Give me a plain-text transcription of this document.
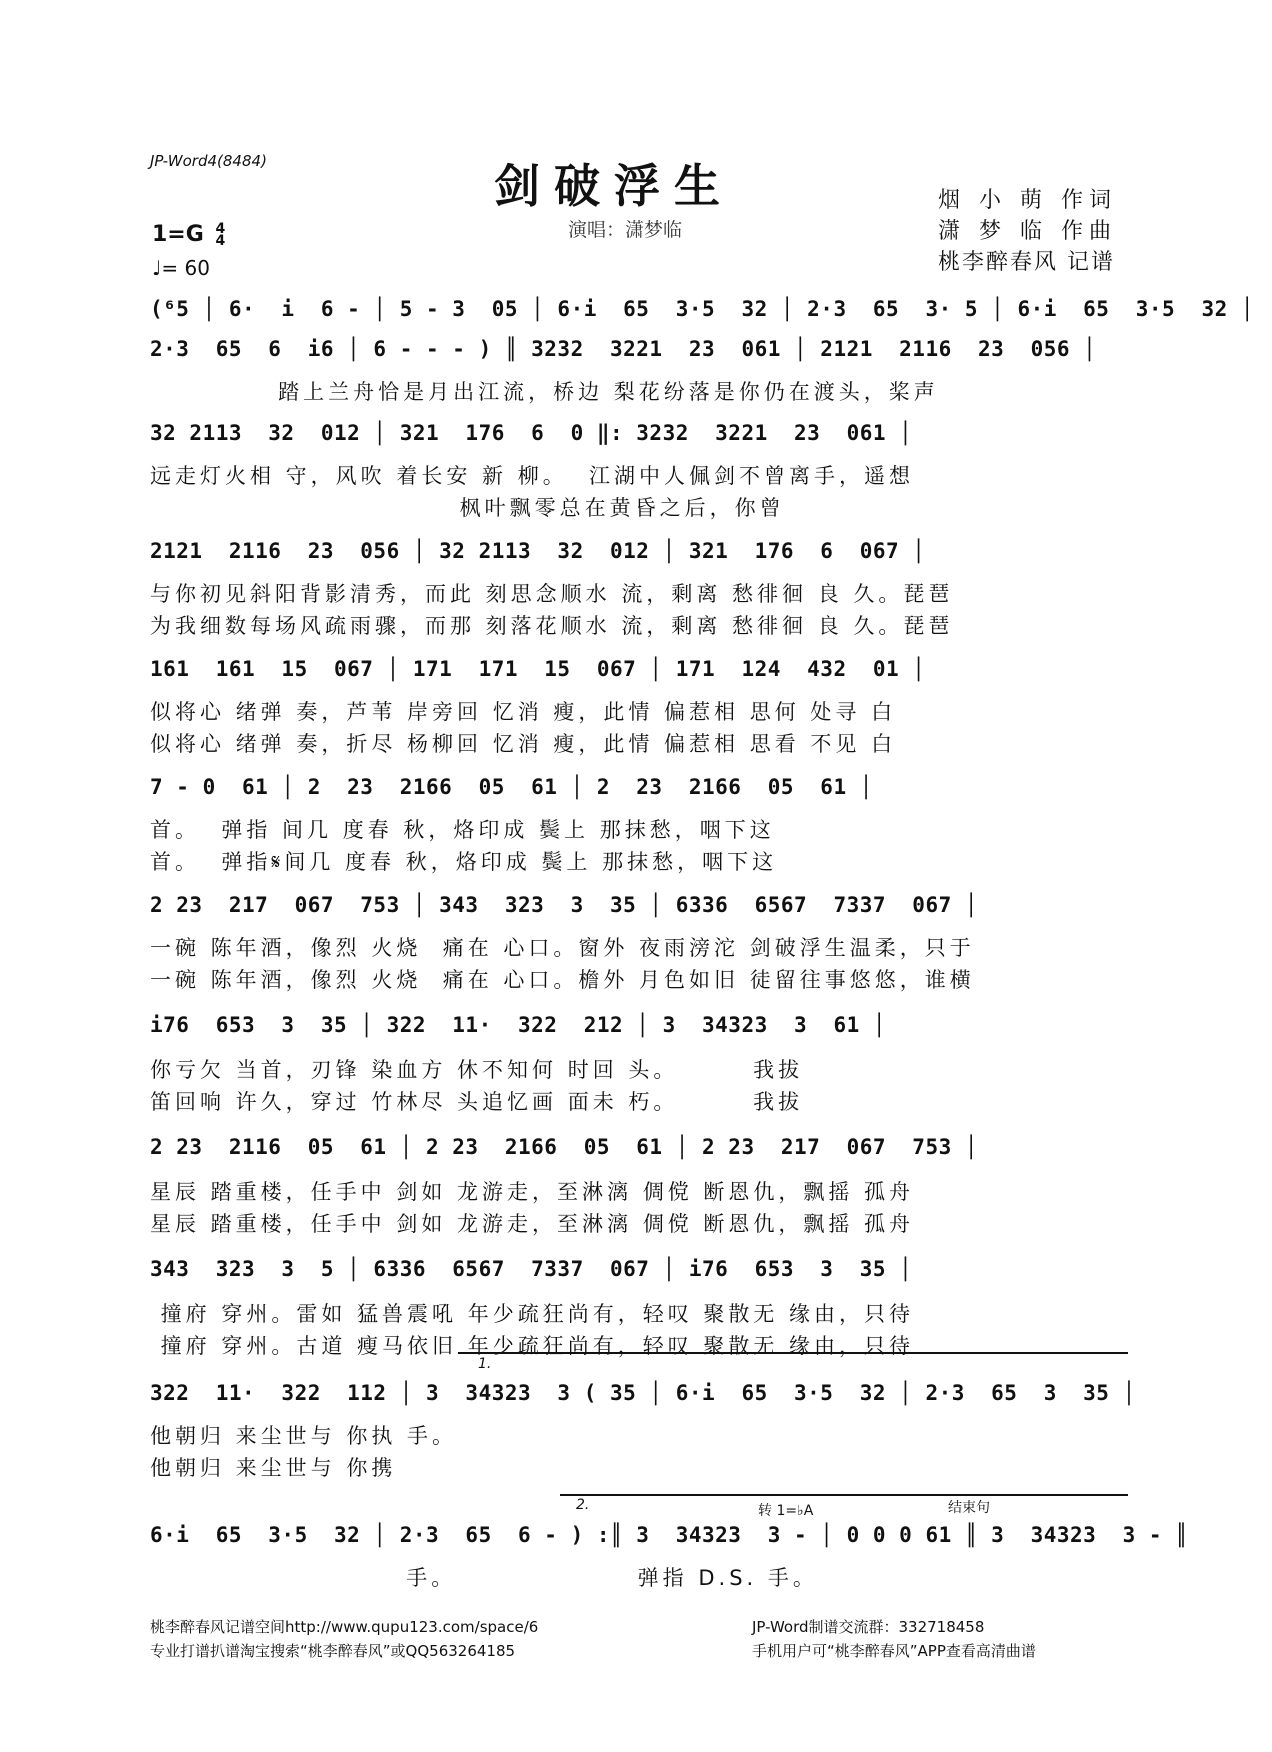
JP-Word4(8484)	剑破浮生
演唱：潇梦临
烟 小 萌 作词
潇 梦 临 作曲
桃李醉春风 记谱
1=G 4
4
♩= 60
(⁶5 │ 6·  i  6 - │ 5 - 3  05 │ 6·i  65  3·5  32 │ 2·3  65  3· 5 │ 6·i  65  3·5  32 │
2·3  65  6  i6 │ 6 - - - ) ║ 3232  3221  23  061 │ 2121  2116  23  056 │
踏上兰舟恰是月出江流，桥边 梨花纷落是你仍在渡头，桨声
32 2113  32  012 │ 321  176  6  0 ‖: 3232  3221  23  061 │
远走灯火相 守，风吹 着长安 新 柳。  江湖中人佩剑不曾离手，遥想
枫叶飘零总在黄昏之后，你曾
2121  2116  23  056 │ 32 2113  32  012 │ 321  176  6  067 │
与你初见斜阳背影清秀，而此 刻思念顺水 流，剩离 愁徘徊 良 久。琵琶
为我细数每场风疏雨骤，而那 刻落花顺水 流，剩离 愁徘徊 良 久。琵琶
161  161  15  067 │ 171  171  15  067 │ 171  124  432  01 │
似将心 绪弹 奏，芦苇 岸旁回 忆消 瘦，此情 偏惹相 思何 处寻 白
似将心 绪弹 奏，折尽 杨柳回 忆消 瘦，此情 偏惹相 思看 不见 白
7 - 0  61 │ 2  23  2166  05  61 │ 2  23  2166  05  61 │
首。  弹指 间几 度春 秋，烙印成 鬓上 那抹愁，咽下这
首。  弹指𝄋间几 度春 秋，烙印成 鬓上 那抹愁，咽下这
2 23  217  067  753 │ 343  323  3  35 │ 6336  6567  7337  067 │
一碗 陈年酒，像烈 火烧  痛在 心口。窗外 夜雨滂沱 剑破浮生温柔，只于
一碗 陈年酒，像烈 火烧  痛在 心口。檐外 月色如旧 徒留往事悠悠，谁横
i76  653  3  35 │ 322  11·  322  212 │ 3  34323  3  61 │
你亏欠 当首，刃锋 染血方 休不知何 时回 头。       我拔
笛回响 许久，穿过 竹林尽 头追忆画 面未 朽。       我拔
2 23  2116  05  61 │ 2 23  2166  05  61 │ 2 23  217  067  753 │
星辰 踏重楼，任手中 剑如 龙游走，至淋漓 倜傥 断恩仇，飘摇 孤舟
星辰 踏重楼，任手中 剑如 龙游走，至淋漓 倜傥 断恩仇，飘摇 孤舟
343  323  3  5 │ 6336  6567  7337  067 │ i76  653  3  35 │
撞府 穿州。雷如 猛兽震吼 年少疏狂尚有，轻叹 聚散无 缘由，只待
撞府 穿州。古道 瘦马依旧 年少疏狂尚有，轻叹 聚散无 缘由，只待
1.
322  11·  322  112 │ 3  34323  3 ( 35 │ 6·i  65  3·5  32 │ 2·3  65  3  35 │
他朝归 来尘世与 你执 手。
他朝归 来尘世与 你携
2.	转 1=♭A	结束句
6·i  65  3·5  32 │ 2·3  65  6 - ) :║ 3  34323  3 - │ 0 0 0 61 ║ 3  34323  3 - ║
手。                 弹指 D.S. 手。
桃李醉春风记谱空间http://www.qupu123.com/space/6
专业打谱扒谱淘宝搜索“桃李醉春风”或QQ563264185
JP-Word制谱交流群：332718458
手机用户可“桃李醉春风”APP查看高清曲谱
